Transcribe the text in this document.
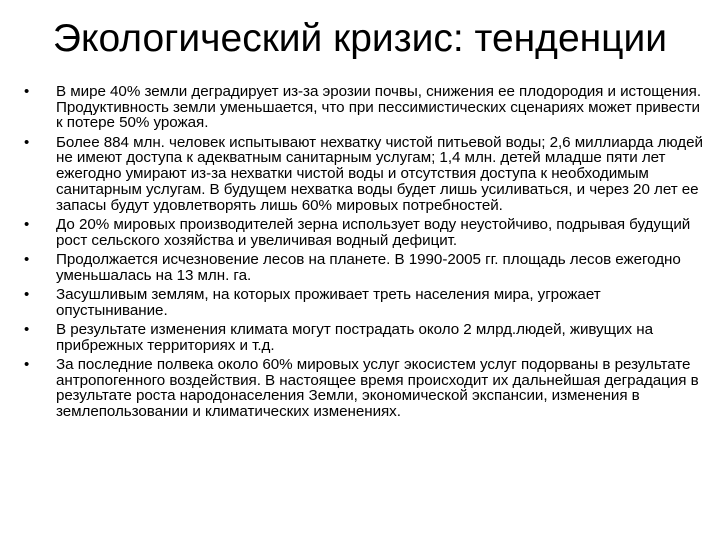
Экологический кризис: тенденции
• В мире 40% земли деградирует из-за эрозии почвы, снижения ее плодородия и истощения. Продуктивность земли уменьшается, что при пессимистических сценариях может привести к потере 50% урожая.
• Более 884 млн. человек испытывают нехватку чистой питьевой воды; 2,6 миллиарда людей не имеют доступа к адекватным санитарным услугам; 1,4 млн. детей младше пяти лет ежегодно умирают из-за нехватки чистой воды и отсутствия доступа к необходимым санитарным услугам. В будущем нехватка воды будет лишь усиливаться, и через 20 лет ее запасы будут удовлетворять лишь 60% мировых потребностей.
• До 20% мировых производителей зерна использует воду неустойчиво, подрывая будущий рост сельского хозяйства и увеличивая водный дефицит.
• Продолжается исчезновение лесов на планете. В 1990-2005 гг. площадь лесов ежегодно уменьшалась на 13 млн. га.
• Засушливым землям, на которых проживает треть населения мира, угрожает опустынивание.
• В результате изменения климата могут пострадать около 2 млрд.людей, живущих на прибрежных территориях и т.д.
• За последние полвека около 60% мировых услуг экосистем услуг подорваны в результате антропогенного воздействия. В настоящее время происходит их дальнейшая деградация в результате роста народонаселения Земли, экономической экспансии, изменения в землепользовании и климатических изменениях.
